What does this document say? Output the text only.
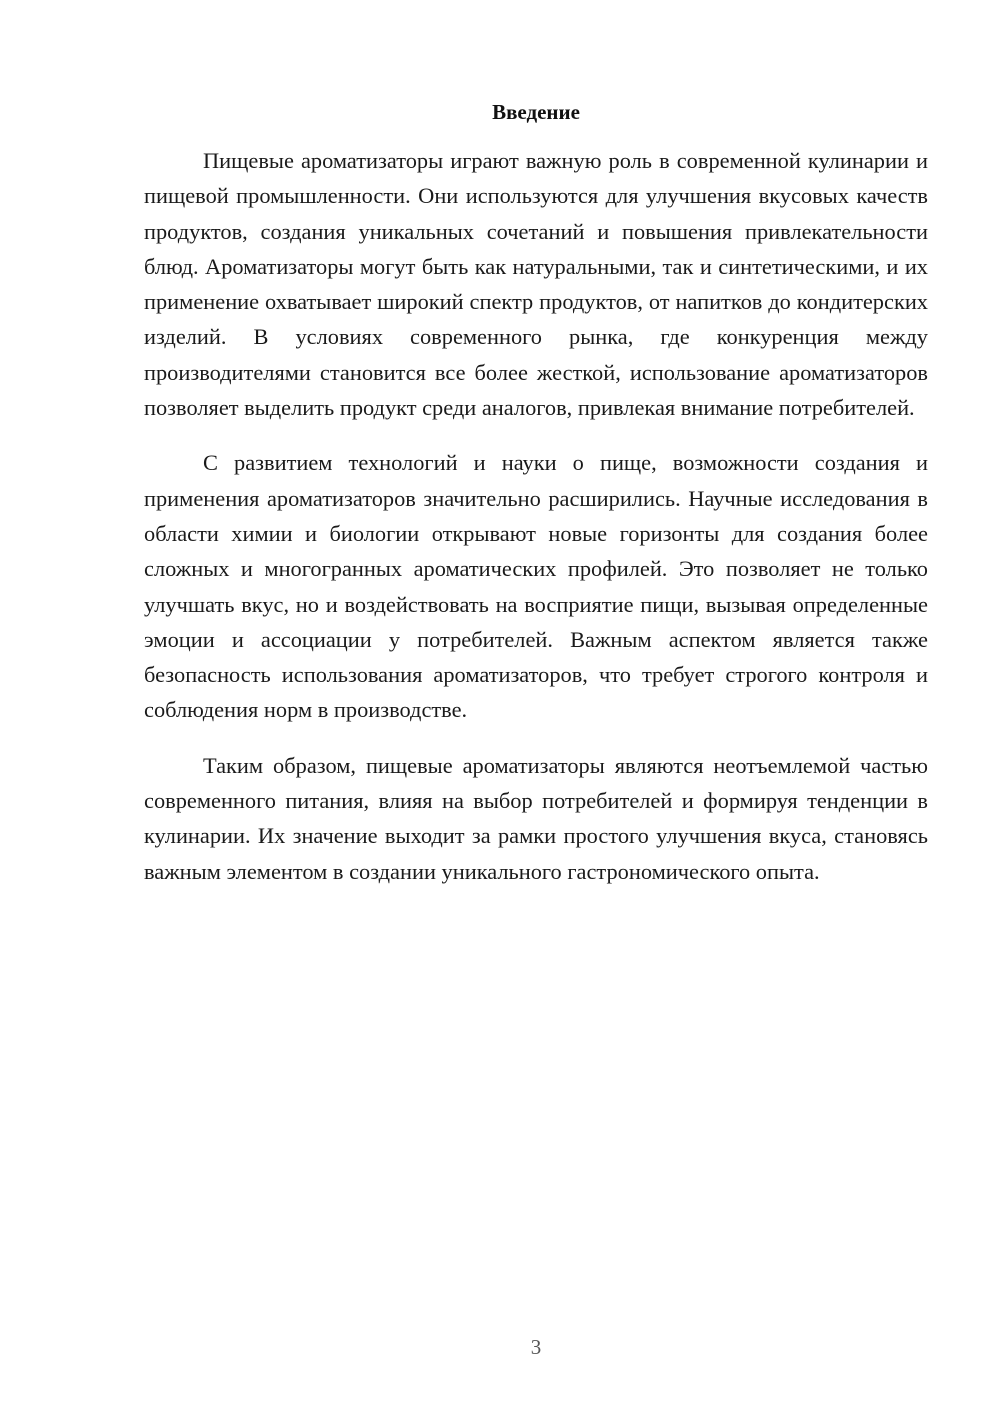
Введение

Пищевые ароматизаторы играют важную роль в современной кулинарии и пищевой промышленности. Они используются для улучшения вкусовых качеств продуктов, создания уникальных сочетаний и повышения привлекательности блюд. Ароматизаторы могут быть как натуральными, так и синтетическими, и их применение охватывает широкий спектр продуктов, от напитков до кондитерских изделий. В условиях современного рынка, где конкуренция между производителями становится все более жесткой, использование ароматизаторов позволяет выделить продукт среди аналогов, привлекая внимание потребителей.

С развитием технологий и науки о пище, возможности создания и применения ароматизаторов значительно расширились. Научные исследования в области химии и биологии открывают новые горизонты для создания более сложных и многогранных ароматических профилей. Это позволяет не только улучшать вкус, но и воздействовать на восприятие пищи, вызывая определенные эмоции и ассоциации у потребителей. Важным аспектом является также безопасность использования ароматизаторов, что требует строгого контроля и соблюдения норм в производстве.

Таким образом, пищевые ароматизаторы являются неотъемлемой частью современного питания, влияя на выбор потребителей и формируя тенденции в кулинарии. Их значение выходит за рамки простого улучшения вкуса, становясь важным элементом в создании уникального гастрономического опыта.

3
